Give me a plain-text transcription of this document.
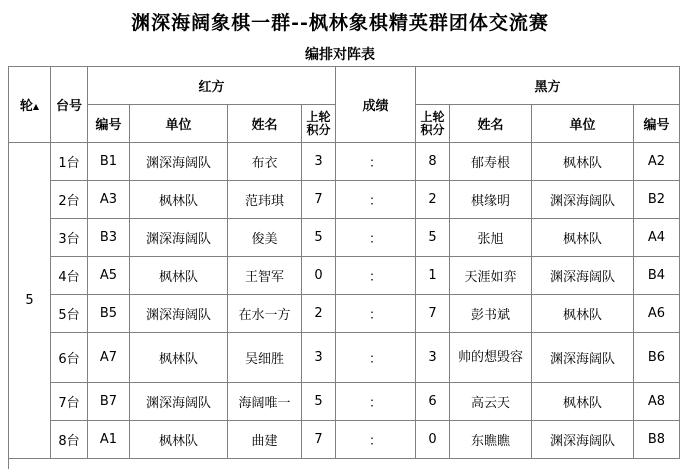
渊深海阔象棋一群--枫林象棋精英群团体交流赛
编排对阵表
轮▲	台号	红方				成绩	黑方			
		编号	单位	姓名	上轮积分		上轮积分	姓名	单位	编号
5	1台	B1	渊深海阔队	布衣	3	：	8	郁寿根	枫林队	A2
	2台	A3	枫林队	范玮琪	7	：	2	棋缘明	渊深海阔队	B2
	3台	B3	渊深海阔队	俊美	5	：	5	张旭	枫林队	A4
	4台	A5	枫林队	王智军	0	：	1	天涯如弈	渊深海阔队	B4
	5台	B5	渊深海阔队	在水一方	2	：	7	彭书斌	枫林队	A6
	6台	A7	枫林队	吴细胜	3	：	3	帅的想毁容	渊深海阔队	B6
	7台	B7	渊深海阔队	海阔唯一	5	：	6	高云天	枫林队	A8
	8台	A1	枫林队	曲建	7	：	0	东瞧瞧	渊深海阔队	B8
